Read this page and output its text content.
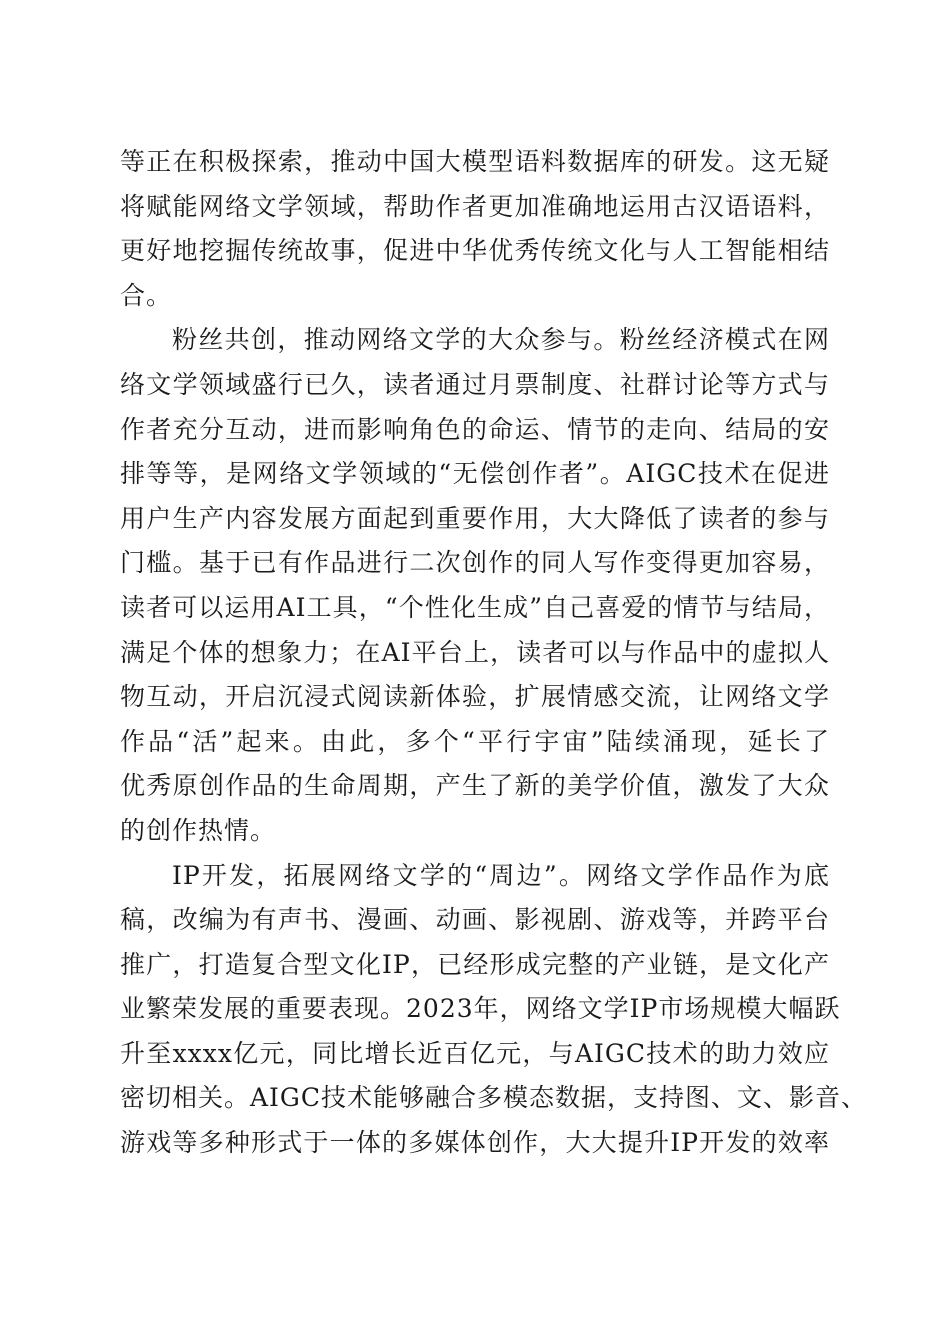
等正在积极探索，推动中国大模型语料数据库的研发。这无疑
将赋能网络文学领域，帮助作者更加准确地运用古汉语语料，
更好地挖掘传统故事，促进中华优秀传统文化与人工智能相结
合。
粉丝共创，推动网络文学的大众参与。粉丝经济模式在网
络文学领域盛行已久，读者通过月票制度、社群讨论等方式与
作者充分互动，进而影响角色的命运、情节的走向、结局的安
排等等，是网络文学领域的“无偿创作者”。AIGC技术在促进
用户生产内容发展方面起到重要作用，大大降低了读者的参与
门槛。基于已有作品进行二次创作的同人写作变得更加容易，
读者可以运用AI工具，“个性化生成”自己喜爱的情节与结局，
满足个体的想象力；在AI平台上，读者可以与作品中的虚拟人
物互动，开启沉浸式阅读新体验，扩展情感交流，让网络文学
作品“活”起来。由此，多个“平行宇宙”陆续涌现，延长了
优秀原创作品的生命周期，产生了新的美学价值，激发了大众
的创作热情。
IP开发，拓展网络文学的“周边”。网络文学作品作为底
稿，改编为有声书、漫画、动画、影视剧、游戏等，并跨平台
推广，打造复合型文化IP，已经形成完整的产业链，是文化产
业繁荣发展的重要表现。2023年，网络文学IP市场规模大幅跃
升至xxxx亿元，同比增长近百亿元，与AIGC技术的助力效应
密切相关。AIGC技术能够融合多模态数据，支持图、文、影音、
游戏等多种形式于一体的多媒体创作，大大提升IP开发的效率
